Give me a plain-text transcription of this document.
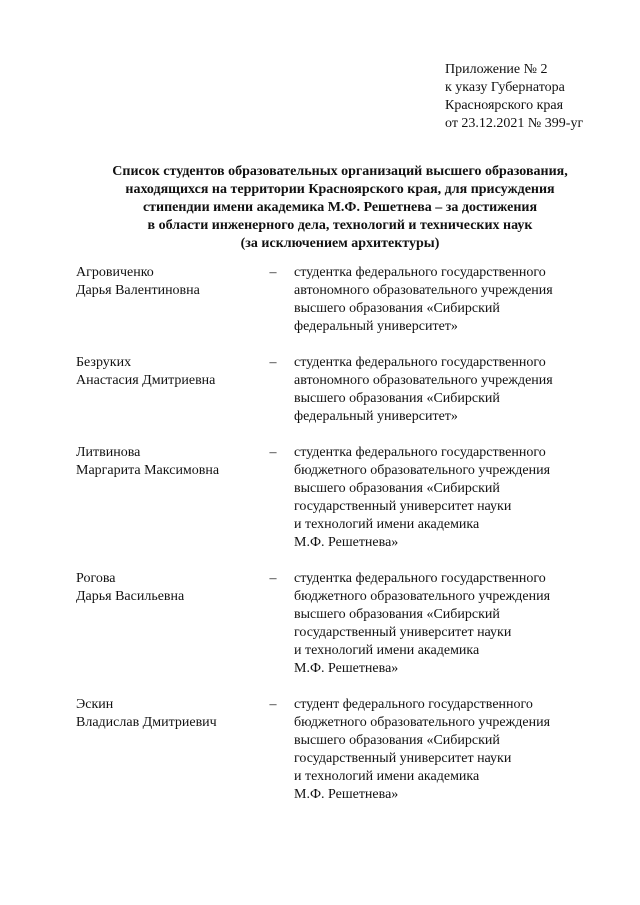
Приложение № 2
к указу Губернатора
Красноярского края
от 23.12.2021 № 399-уг
Список студентов образовательных организаций высшего образования,
находящихся на территории Красноярского края, для присуждения
стипендии имени академика М.Ф. Решетнева – за достижения
в области инженерного дела, технологий и технических наук
(за исключением архитектуры)
Агровиченко
Дарья Валентиновна
–	студентка федерального государственного
автономного образовательного учреждения
высшего образования «Сибирский
федеральный университет»
Безруких
Анастасия Дмитриевна
–	студентка федерального государственного
автономного образовательного учреждения
высшего образования «Сибирский
федеральный университет»
Литвинова
Маргарита Максимовна
–	студентка федерального государственного
бюджетного образовательного учреждения
высшего образования «Сибирский
государственный университет науки
и технологий имени академика
М.Ф. Решетнева»
Рогова
Дарья Васильевна
–	студентка федерального государственного
бюджетного образовательного учреждения
высшего образования «Сибирский
государственный университет науки
и технологий имени академика
М.Ф. Решетнева»
Эскин
Владислав Дмитриевич
–	студент федерального государственного
бюджетного образовательного учреждения
высшего образования «Сибирский
государственный университет науки
и технологий имени академика
М.Ф. Решетнева»
